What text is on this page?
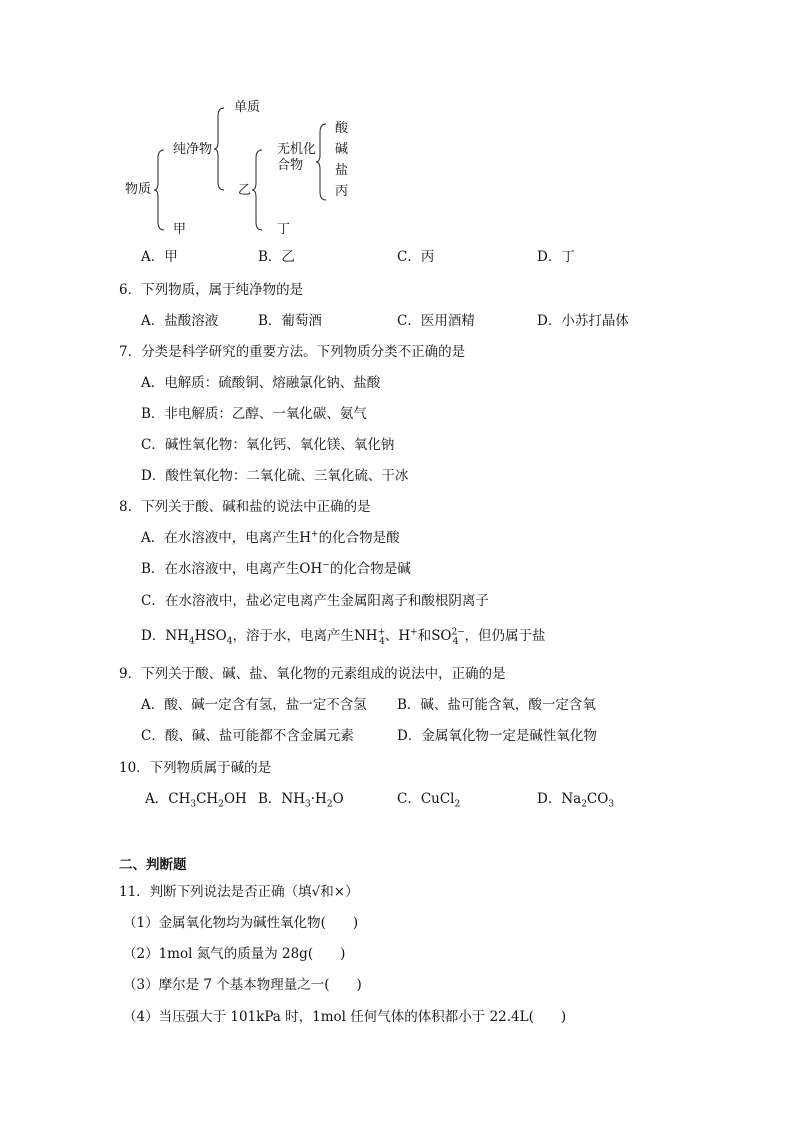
物质
纯净物
甲
单质
乙
无机化
合物
丁
酸
碱
盐
丙
A．甲	B．乙	C．丙	D．丁
6．下列物质，属于纯净物的是
A．盐酸溶液	B．葡萄酒	C．医用酒精	D．小苏打晶体
7．分类是科学研究的重要方法。下列物质分类不正确的是
A．电解质：硫酸铜、熔融氯化钠、盐酸
B．非电解质：乙醇、一氧化碳、氨气
C．碱性氧化物：氧化钙、氧化镁、氧化钠
D．酸性氧化物：二氧化硫、三氧化硫、干冰
8．下列关于酸、碱和盐的说法中正确的是
A．在水溶液中，电离产生H+的化合物是酸
B．在水溶液中，电离产生OH−的化合物是碱
C．在水溶液中，盐必定电离产生金属阳离子和酸根阴离子
D．$NH_4HSO_4$，溶于水，电离产生$NH^+_4$、H+和$SO^{2-}_4$ ，但仍属于盐
9．下列关于酸、碱、盐、氧化物的元素组成的说法中，正确的是
A．酸、碱一定含有氢，盐一定不含氢 B．碱、盐可能含氧，酸一定含氧
C．酸、碱、盐可能都不含金属元素	D．金属氧化物一定是碱性氧化物
10．下列物质属于碱的是
A．$CH_3CH_2OH$ B．$NH_3\cdot H_2O$	C．CuCl$_2$	D．$Na_2CO_3$
二、判断题
11．判断下列说法是否正确（填√和×）
（1）金属氧化物均为碱性氧化物(　　)
（2）1mol 氮气的质量为 28g(　　)
（3）摩尔是 7 个基本物理量之一(　　)
（4）当压强大于 101kPa 时，1mol 任何气体的体积都小于 22.4L(　　)
